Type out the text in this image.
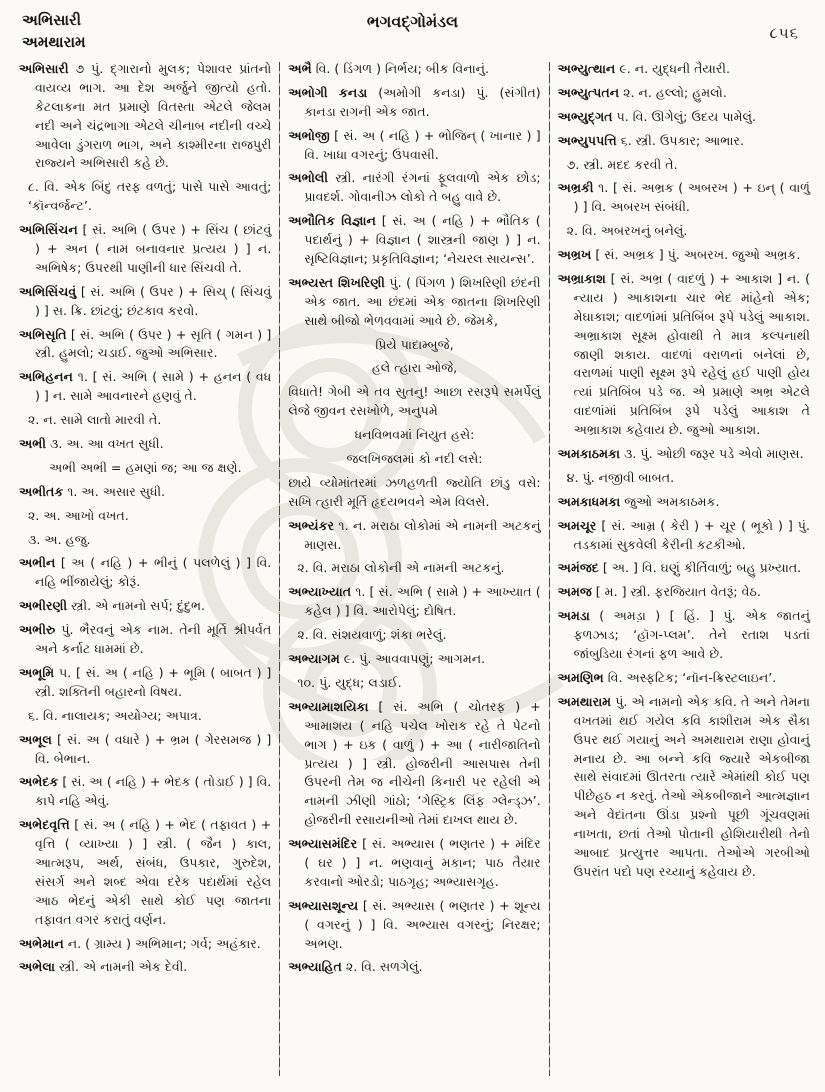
અભિસારી
અમથારામ
ભગવદ્ગોમંડલ
૮૫૬

અભિસારી ૭ પું. દ્ગારાનો મુલક; પેશાવર પ્રાંતનો વાયવ્ય ભાગ. આ દેશ અર્જુને જીત્યો હતો. કેટલાકના મત પ્રમાણે વિતસ્તા એટલે જેલમ નદી અને ચંદ્રભાગા એટલે ચીનાબ નદીની વચ્ચે આવેલા ડુંગરાળ ભાગ, અને કાશ્મીરના રાજપુરી રાજ્યને અભિસારી કહે છે.

૮. વિ. એક બિંદુ તરફ વળતું; પાસે પાસે આવતું; ‘કૉન્વર્જન્ટ’.

અભિસિંચન [ સં. અભિ ( ઉપર ) + સિંચ ( છાંટવું ) + અન ( નામ બનાવનાર પ્રત્યય ) ] ન. અભિષેક; ઉપરથી પાણીની ધાર સિંચવી તે.

અભિસિંચવું [ સં. અભિ ( ઉપર ) + સિચ્ ( સિંચવું ) ] સ. ક્રિ. છાંટવું; છંટકાવ કરવો.

અભિસૃતિ [ સં. અભિ ( ઉપર ) + સૃતિ ( ગમન ) ] સ્ત્રી. હુમલો; ચડાઈ. જુઓ અભિસાર.

અભિહનન ૧. [ સં. અભિ ( સામે ) + હનન ( વધ ) ] ન. સામે આવનારને હણવું તે.

૨. ન. સામે લાતો મારવી તે.

અભી ૩. અ. આ વખત સુધી.

અભી અભી = હમણાં જ; આ જ ક્ષણે.

અભીતક ૧. અ. અસાર સુધી.

૨. અ. આખો વખત.

૩. અ. હજુ.

અભીન [ અ ( નહિ ) + ભીનું ( પલળેલું ) ] વિ. નહિ ભીંજાયેલું; કોરૂં.

અભીરણી સ્ત્રી. એ નામનો સર્પ; દુંદુભ.

અભીરુ પું. ભૈરવનું એક નામ. તેની મૂર્તિ શ્રીપર્વત અને કર્નાટ ધામમાં છે.

અભૂમિ ૫. [ સં. અ ( નહિ ) + ભૂમિ ( બાબત ) ] સ્ત્રી. શક્તિની બહારનો વિષય.

૬. વિ. નાલાયક; અયોગ્ય; અપાત્ર.

અભૂલ [ સં. અ ( વધારે ) + ભ્રમ ( ગેરસમજ ) ] વિ. બેભાન.

અભેદક [ સં. અ ( નહિ ) + ભેદક ( તોડાઈ ) ] વિ. કાપે નહિ એવું.

અભેદવૃત્તિ [ સં. અ ( નહિ ) + ભેદ ( તફાવત ) + વૃત્તિ ( વ્યાખ્યા ) ] સ્ત્રી. ( જૈન ) કાલ, આત્મરૂપ, અર્થ, સંબંધ, ઉપકાર, ગુરુદેશ, સંસર્ગ અને શબ્દ એવા દરેક પદાર્થમાં રહેલ આઠ ભેદનું એકી સાથે કોઈ પણ જાતના તફાવત વગર કરાતું વર્ણન.

અભેમાન ન. ( ગ્રામ્ય ) અભિમાન; ગર્વ; અહંકાર.

અભેલા સ્ત્રી. એ નામની એક દેવી.

અભૈ વિ. ( ડિંગળ ) નિર્ભય; બીક વિનાનું.

અભોગી કનડા (અમોગી કનડા) પું. (સંગીત) કાનડા રાગની એક જાત.

અભોજી [ સં. અ ( નહિ ) + ભોજિન્ ( ખાનાર ) ] વિ. ખાધા વગરનું; ઉપવાસી.

અભોલી સ્ત્રી. નારંગી રંગનાં ફૂલવાળો એક છોડ; પ્રાવદર્શ. ગોવાનીઝ લોકો તે બહુ વાવે છે.

અભૌતિક વિજ્ઞાન [ સં. અ ( નહિ ) + ભૌતિક ( પદાર્થનું ) + વિજ્ઞાન ( શાસ્ત્રની જાણ ) ] ન. સૃષ્ટિવિજ્ઞાન; પ્રકૃતિવિજ્ઞાન; ‘નેચરલ સાયન્સ’.

અભ્યસ્ત શિખરિણી પું. ( પિંગળ ) શિખરિણી છંદની એક જાત. આ છંદમાં એક જાતના શિખરિણી સાથે બીજો ભેળવવામાં આવે છે. જેમકે,

પ્રિયે પાદામ્બુજે,

હલે ત્હારા ઓજે,

વિધાતે! ગેબી એ તવ સુતનુ! આછા રસરૂપે સમર્પેલું લેજે જીવન રસખોળે, અનુપમે

ધનવિભવમાં નિયુત હસે:

જલખિજલમાં કો નદી લસે:

છાયે વ્યોમાંતરમાં ઝળહળતી જ્યોતિ છાંડુ વસે: સખિ ત્હારી મૂર્તિ હૃદયભવને એમ વિલસે.

અભ્યંકર ૧. ન. મરાઠા લોકોમાં એ નામની અટકનું માણસ.

૨. વિ. મરાઠા લોકોની એ નામની અટકનું.

અભ્યાખ્યાત ૧. [ સં. અભિ ( સામે ) + આખ્યાત ( કહેલ ) ] વિ. આરોપેલું; દોષિત.

૨. વિ. સંશયવાળું; શંકા ભરેલું.

અભ્યાગમ ૯. પું. આવવાપણું; આગમન.

૧૦. પું. યુદ્ધ; લડાઈ.

અભ્યામાશયિકા [ સં. અભિ ( ચોતરફ ) + આમાશય ( નહિ પચેલ ખોરાક રહે તે પેટનો ભાગ ) + ઇક ( વાળું ) + આ ( નારીજાતિનો પ્રત્યય ) ] સ્ત્રી. હોજરીની આસપાસ તેની ઉપરની તેમ જ નીચેની કિનારી પર રહેલી એ નામની ઝીણી ગાંઠો; ‘ગેસ્ટ્રિક લિંફ ગ્લેન્ડ્ઝ’. હોજરીની રસાયનીઓ તેમાં દાખલ થાય છે.

અભ્યાસમંદિર [ સં. અભ્યાસ ( ભણતર ) + મંદિર ( ઘર ) ] ન. ભણવાનું મકાન; પાઠ તૈયાર કરવાનો ઓરડો; પાઠગૃહ; અભ્યાસગૃહ.

અભ્યાસશૂન્ય [ સં. અભ્યાસ ( ભણતર ) + શૂન્ય ( વગરનું ) ] વિ. અભ્યાસ વગરનું; નિરક્ષર; અભણ.

અભ્યાહિત ૨. વિ. સળગેલું.

અભ્યુત્થાન ૯. ન. યુદ્ધની તૈયારી.

અભ્યુત્પતન ૨. ન. હલ્લો; હુમલો.

અભ્યુદ્ગત ૫. વિ. ઊગેલું; ઉદય પામેલું.

અભ્યુપપત્તિ ૬. સ્ત્રી. ઉપકાર; આભાર.

૭. સ્ત્રી. મદદ કરવી તે.

અભ્રકી ૧. [ સં. અભ્રક ( અબરખ ) + ઇન્ ( વાળું ) ] વિ. અબરખ સંબંધી.

૨. વિ. અબરખનું બનેલું.

અભ્રખ [ સં. અભ્રક ] પું. અબરખ. જુઓ અભ્રક.

અભ્રાકાશ [ સં. અભ્ર ( વાદળું ) + આકાશ ] ન. ( ન્યાય ) આકાશના ચાર ભેદ માંહેનો એક; મેઘાકાશ; વાદળાંમાં પ્રતિબિંબ રૂપે પડેલું આકાશ. અભ્રાકાશ સૂક્ષ્મ હોવાથી તે માત્ર કલ્પનાથી જાણી શકાય. વાદળાં વરાળનાં બનેલાં છે, વરાળમાં પાણી સૂક્ષ્મ રૂપે રહેલું હઈ પાણી હોય ત્યાં પ્રતિબિંબ પડે જ. એ પ્રમાણે અભ્ર એટલે વાદળાંમાં પ્રતિબિંબ રૂપે પડેલું આકાશ તે અભ્રાકાશ કહેવાય છે. જુઓ આકાશ.

અમકાઠમકા ૩. પું. ઓછી જરૂર પડે એવો માણસ.

૪. પું. નજીવી બાબત.

અમકાધમકા જુઓ અમકાઠમક.

અમચૂર [ સં. આમ્ર ( કેરી ) + ચૂર ( ભૂકો ) ] પું. તડકામાં સુકવેલી કેરીની કટકીઓ.

અમંજદ [ અ. ] વિ. ઘણું કીર્તિવાળું; બહુ પ્રખ્યાત.

અમજ [ મ. ] સ્ત્રી. ફરજિયાત વેતરૂં; વેઠ.

અમડા ( અમડ઼ા ) [ હિં. ] પું. એક જાતનું ફળઝાડ; ‘હૉગ-પ્લમ’. તેને રતાશ પડતાં જાંબુડિયા રંગનાં ફળ આવે છે.

અમણિભ વિ. અસ્ફટિક; ‘નૉન-ક્રિસ્ટલાઇન’.

અમથારામ પું. એ નામનો એક કવિ. તે અને તેમના વખતમાં થઈ ગયેલ કવિ કાશીરામ એક સૈકા ઉપર થઈ ગયાનું અને અમથારામ રાણા હોવાનું મનાય છે. આ બન્ને કવિ જ્યારે એકબીજા સાથે સંવાદમાં ઊતરતા ત્યારે એમાંથી કોઈ પણ પીછેહઠ ન કરતું. તેઓ એકબીજાને આત્મજ્ઞાન અને વેદાંતના ઊંડા પ્રશ્નો પૂછી ગૂંચવણમાં નાખતા, છતાં તેઓ પોતાની હોશિયારીથી તેનો આબાદ પ્રત્યુત્તર આપતા. તેઓએ ગરબીઓ ઉપરાંત પદો પણ રચ્યાનું કહેવાય છે.
